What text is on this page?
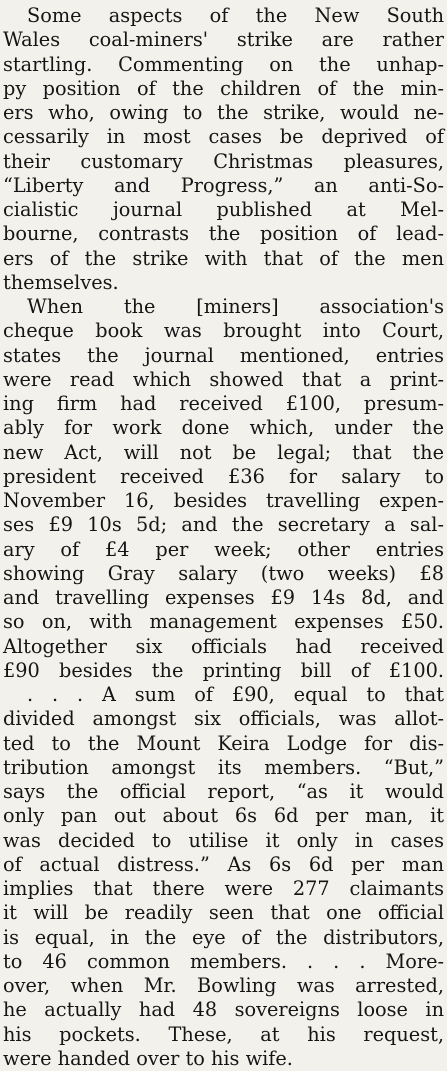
Some aspects of the New South
Wales coal-miners' strike are rather
startling. Commenting on the unhap-
py position of the children of the min-
ers who, owing to the strike, would ne-
cessarily in most cases be deprived of
their customary Christmas pleasures,
“Liberty and Progress,” an anti-So-
cialistic journal published at Mel-
bourne, contrasts the position of lead-
ers of the strike with that of the men
themselves.
When the [miners] association's
cheque book was brought into Court,
states the journal mentioned, entries
were read which showed that a print-
ing firm had received £100, presum-
ably for work done which, under the
new Act, will not be legal; that the
president received £36 for salary to
November 16, besides travelling expen-
ses £9 10s 5d; and the secretary a sal-
ary of £4 per week; other entries
showing Gray salary (two weeks) £8
and travelling expenses £9 14s 8d, and
so on, with management expenses £50.
Altogether six officials had received
£90 besides the printing bill of £100.
. . . A sum of £90, equal to that
divided amongst six officials, was allot-
ted to the Mount Keira Lodge for dis-
tribution amongst its members. “But,”
says the official report, “as it would
only pan out about 6s 6d per man, it
was decided to utilise it only in cases
of actual distress.” As 6s 6d per man
implies that there were 277 claimants
it will be readily seen that one official
is equal, in the eye of the distributors,
to 46 common members. . . . More-
over, when Mr. Bowling was arrested,
he actually had 48 sovereigns loose in
his pockets. These, at his request,
were handed over to his wife.
